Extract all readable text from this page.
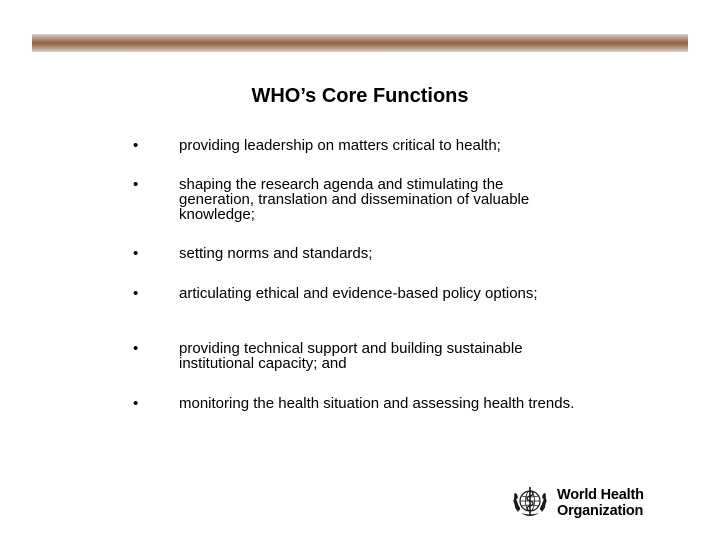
WHO’s Core Functions
•	providing leadership on matters critical to health;
•	shaping the research agenda and stimulating the generation, translation and dissemination of valuable knowledge;
•	setting norms and standards;
•	articulating ethical and evidence-based policy options;
•	providing technical support and building sustainable institutional capacity; and
•	monitoring the health situation and assessing health trends.
World Health
Organization
